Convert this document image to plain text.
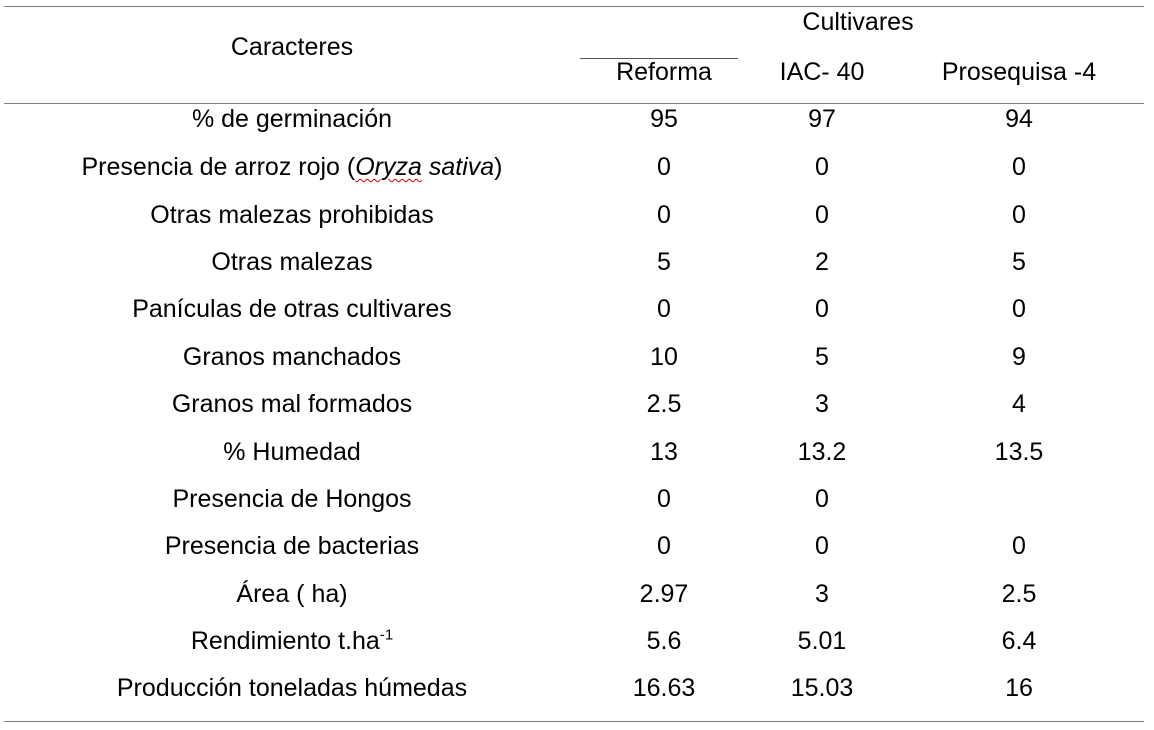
Caracteres
Cultivares
Reforma	IAC- 40	Prosequisa -4
% de germinación	95	97	94
Presencia de arroz rojo (Oryza sativa)	0	0	0
Otras malezas prohibidas	0	0	0
Otras malezas	5	2	5
Panículas de otras cultivares	0	0	0
Granos manchados	10	5	9
Granos mal formados	2.5	3	4
% Humedad	13	13.2	13.5
Presencia de Hongos	0	0
Presencia de bacterias	0	0	0
Área ( ha)	2.97	3	2.5
Rendimiento $t.ha^{-1}$	5.6	5.01	6.4
Producción toneladas húmedas	16.63	15.03	16
